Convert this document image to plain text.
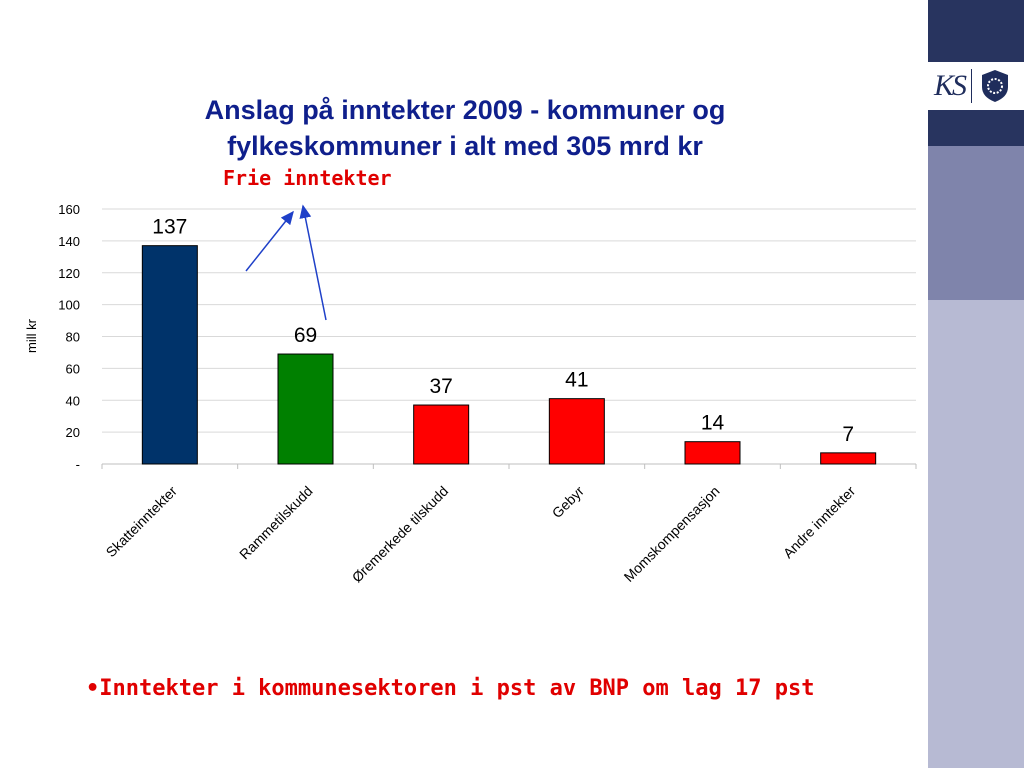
KS
Anslag på inntekter 2009 - kommuner og fylkeskommuner i alt med 305 mrd kr
Frie inntekter
137
69
37	41
14	7
-
20
40
60
80
100
120
140
160
Skatteinntekter	Rammetilskudd Øremerkede tilskudd	Gebyr Momskompensasjon	Andre inntekter
mill kr
•Inntekter i kommunesektoren i pst av BNP om lag 17 pst
